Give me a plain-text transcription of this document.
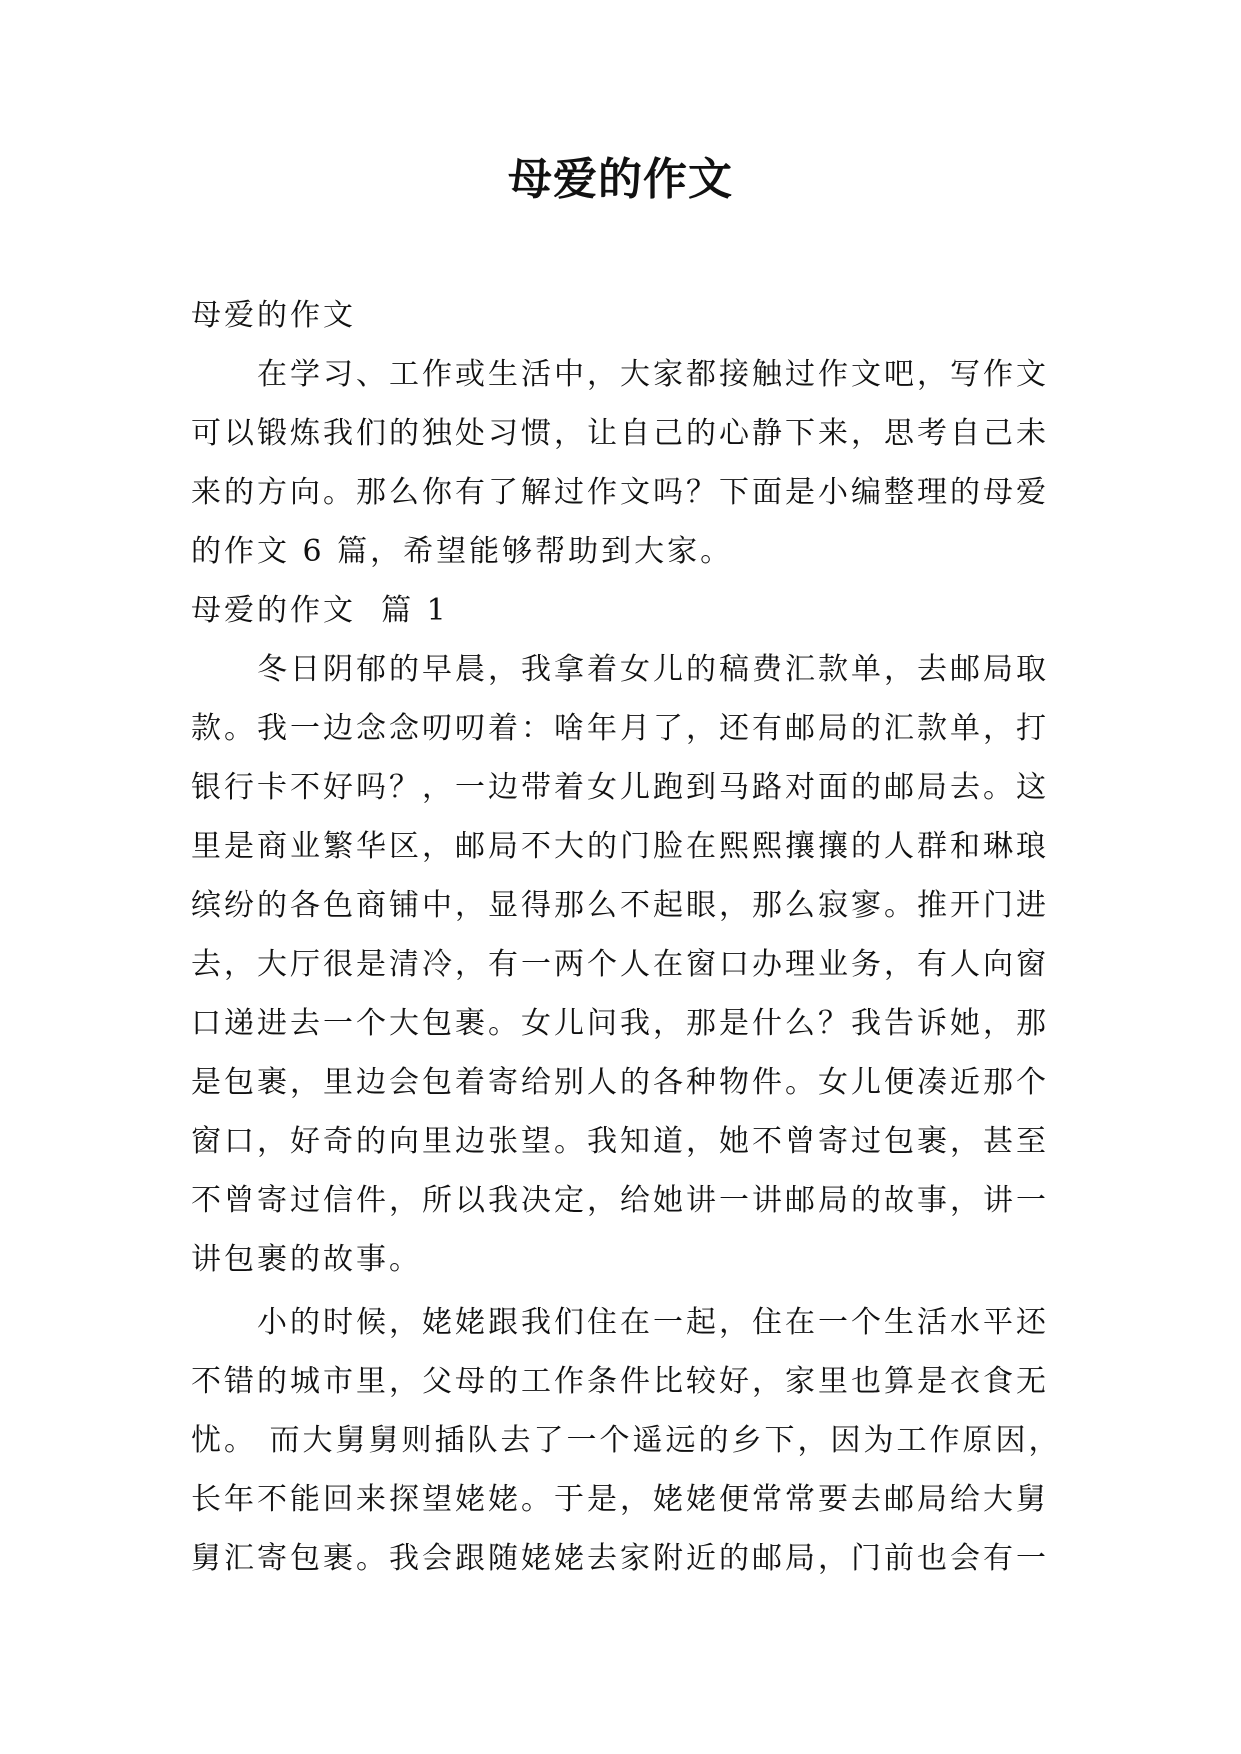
母爱的作文

母爱的作文

在学习、工作或生活中，大家都接触过作文吧，写作文

可以锻炼我们的独处习惯，让自己的心静下来，思考自己未

来的方向。那么你有了解过作文吗？下面是小编整理的母爱

的作文 6 篇，希望能够帮助到大家。

母爱的作文  篇 1

冬日阴郁的早晨，我拿着女儿的稿费汇款单，去邮局取

款。我一边念念叨叨着：啥年月了，还有邮局的汇款单，打

银行卡不好吗？，一边带着女儿跑到马路对面的邮局去。这

里是商业繁华区，邮局不大的门脸在熙熙攘攘的人群和琳琅

缤纷的各色商铺中，显得那么不起眼，那么寂寥。推开门进

去，大厅很是清冷，有一两个人在窗口办理业务，有人向窗

口递进去一个大包裹。女儿问我，那是什么？我告诉她，那

是包裹，里边会包着寄给别人的各种物件。女儿便凑近那个

窗口，好奇的向里边张望。我知道，她不曾寄过包裹，甚至

不曾寄过信件，所以我决定，给她讲一讲邮局的故事，讲一

讲包裹的故事。

小的时候，姥姥跟我们住在一起，住在一个生活水平还

不错的城市里，父母的工作条件比较好，家里也算是衣食无

忧。 而大舅舅则插队去了一个遥远的乡下，因为工作原因，

长年不能回来探望姥姥。于是，姥姥便常常要去邮局给大舅

舅汇寄包裹。我会跟随姥姥去家附近的邮局，门前也会有一
